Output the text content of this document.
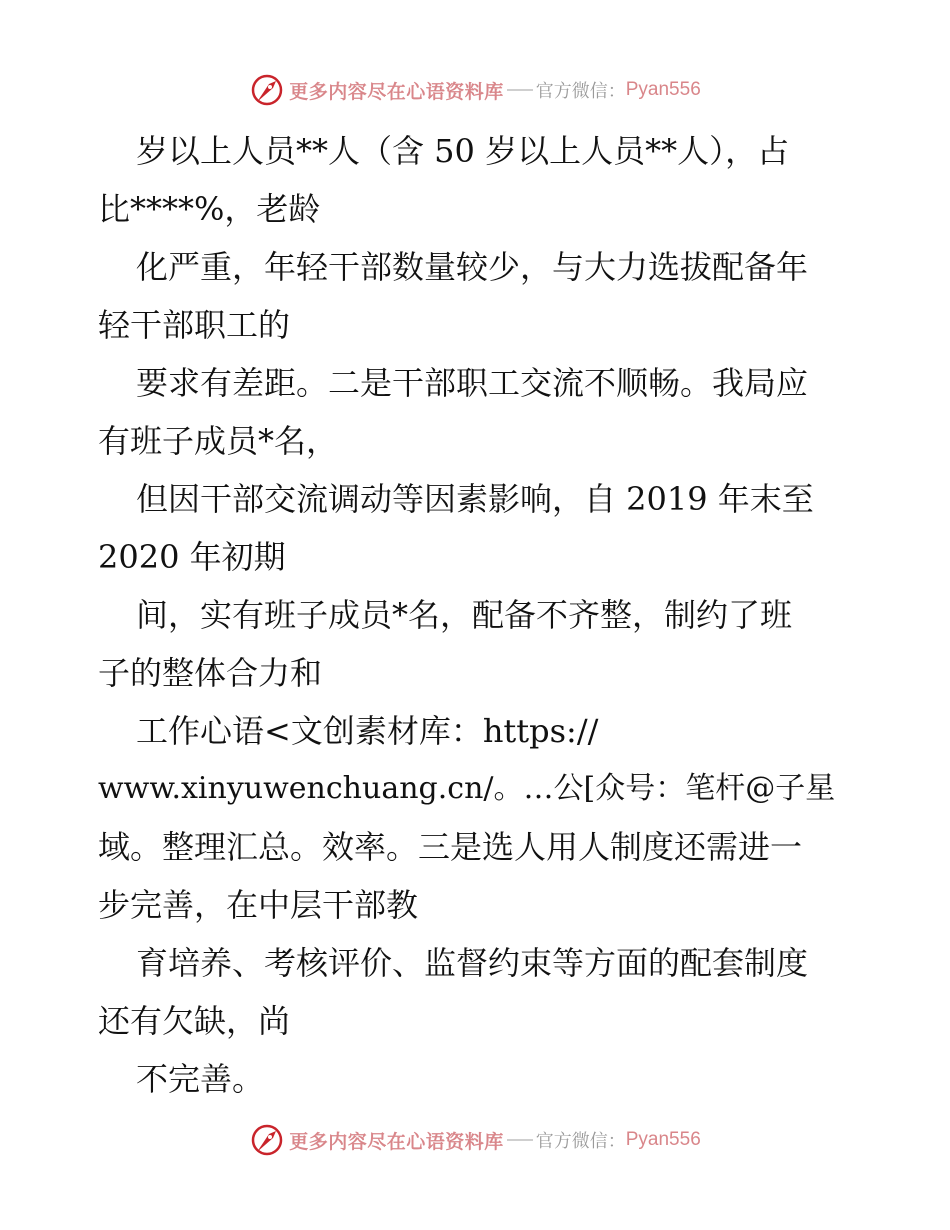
更多内容尽在心语资料库 官方微信： Pyan556
岁以上人员**人（含 50 岁以上人员**人），占
比****%，老龄
化严重，年轻干部数量较少，与大力选拔配备年
轻干部职工的
要求有差距。二是干部职工交流不顺畅。我局应
有班子成员*名，
但因干部交流调动等因素影响，自 2019 年末至
2020 年初期
间，实有班子成员*名，配备不齐整，制约了班
子的整体合力和
工作心语<文创素材库：https://
www.xinyuwenchuang.cn/。…公[众号：笔杆@子星
域。整理汇总。效率。三是选人用人制度还需进一
步完善，在中层干部教
育培养、考核评价、监督约束等方面的配套制度
还有欠缺，尚
不完善。
更多内容尽在心语资料库 官方微信： Pyan556
